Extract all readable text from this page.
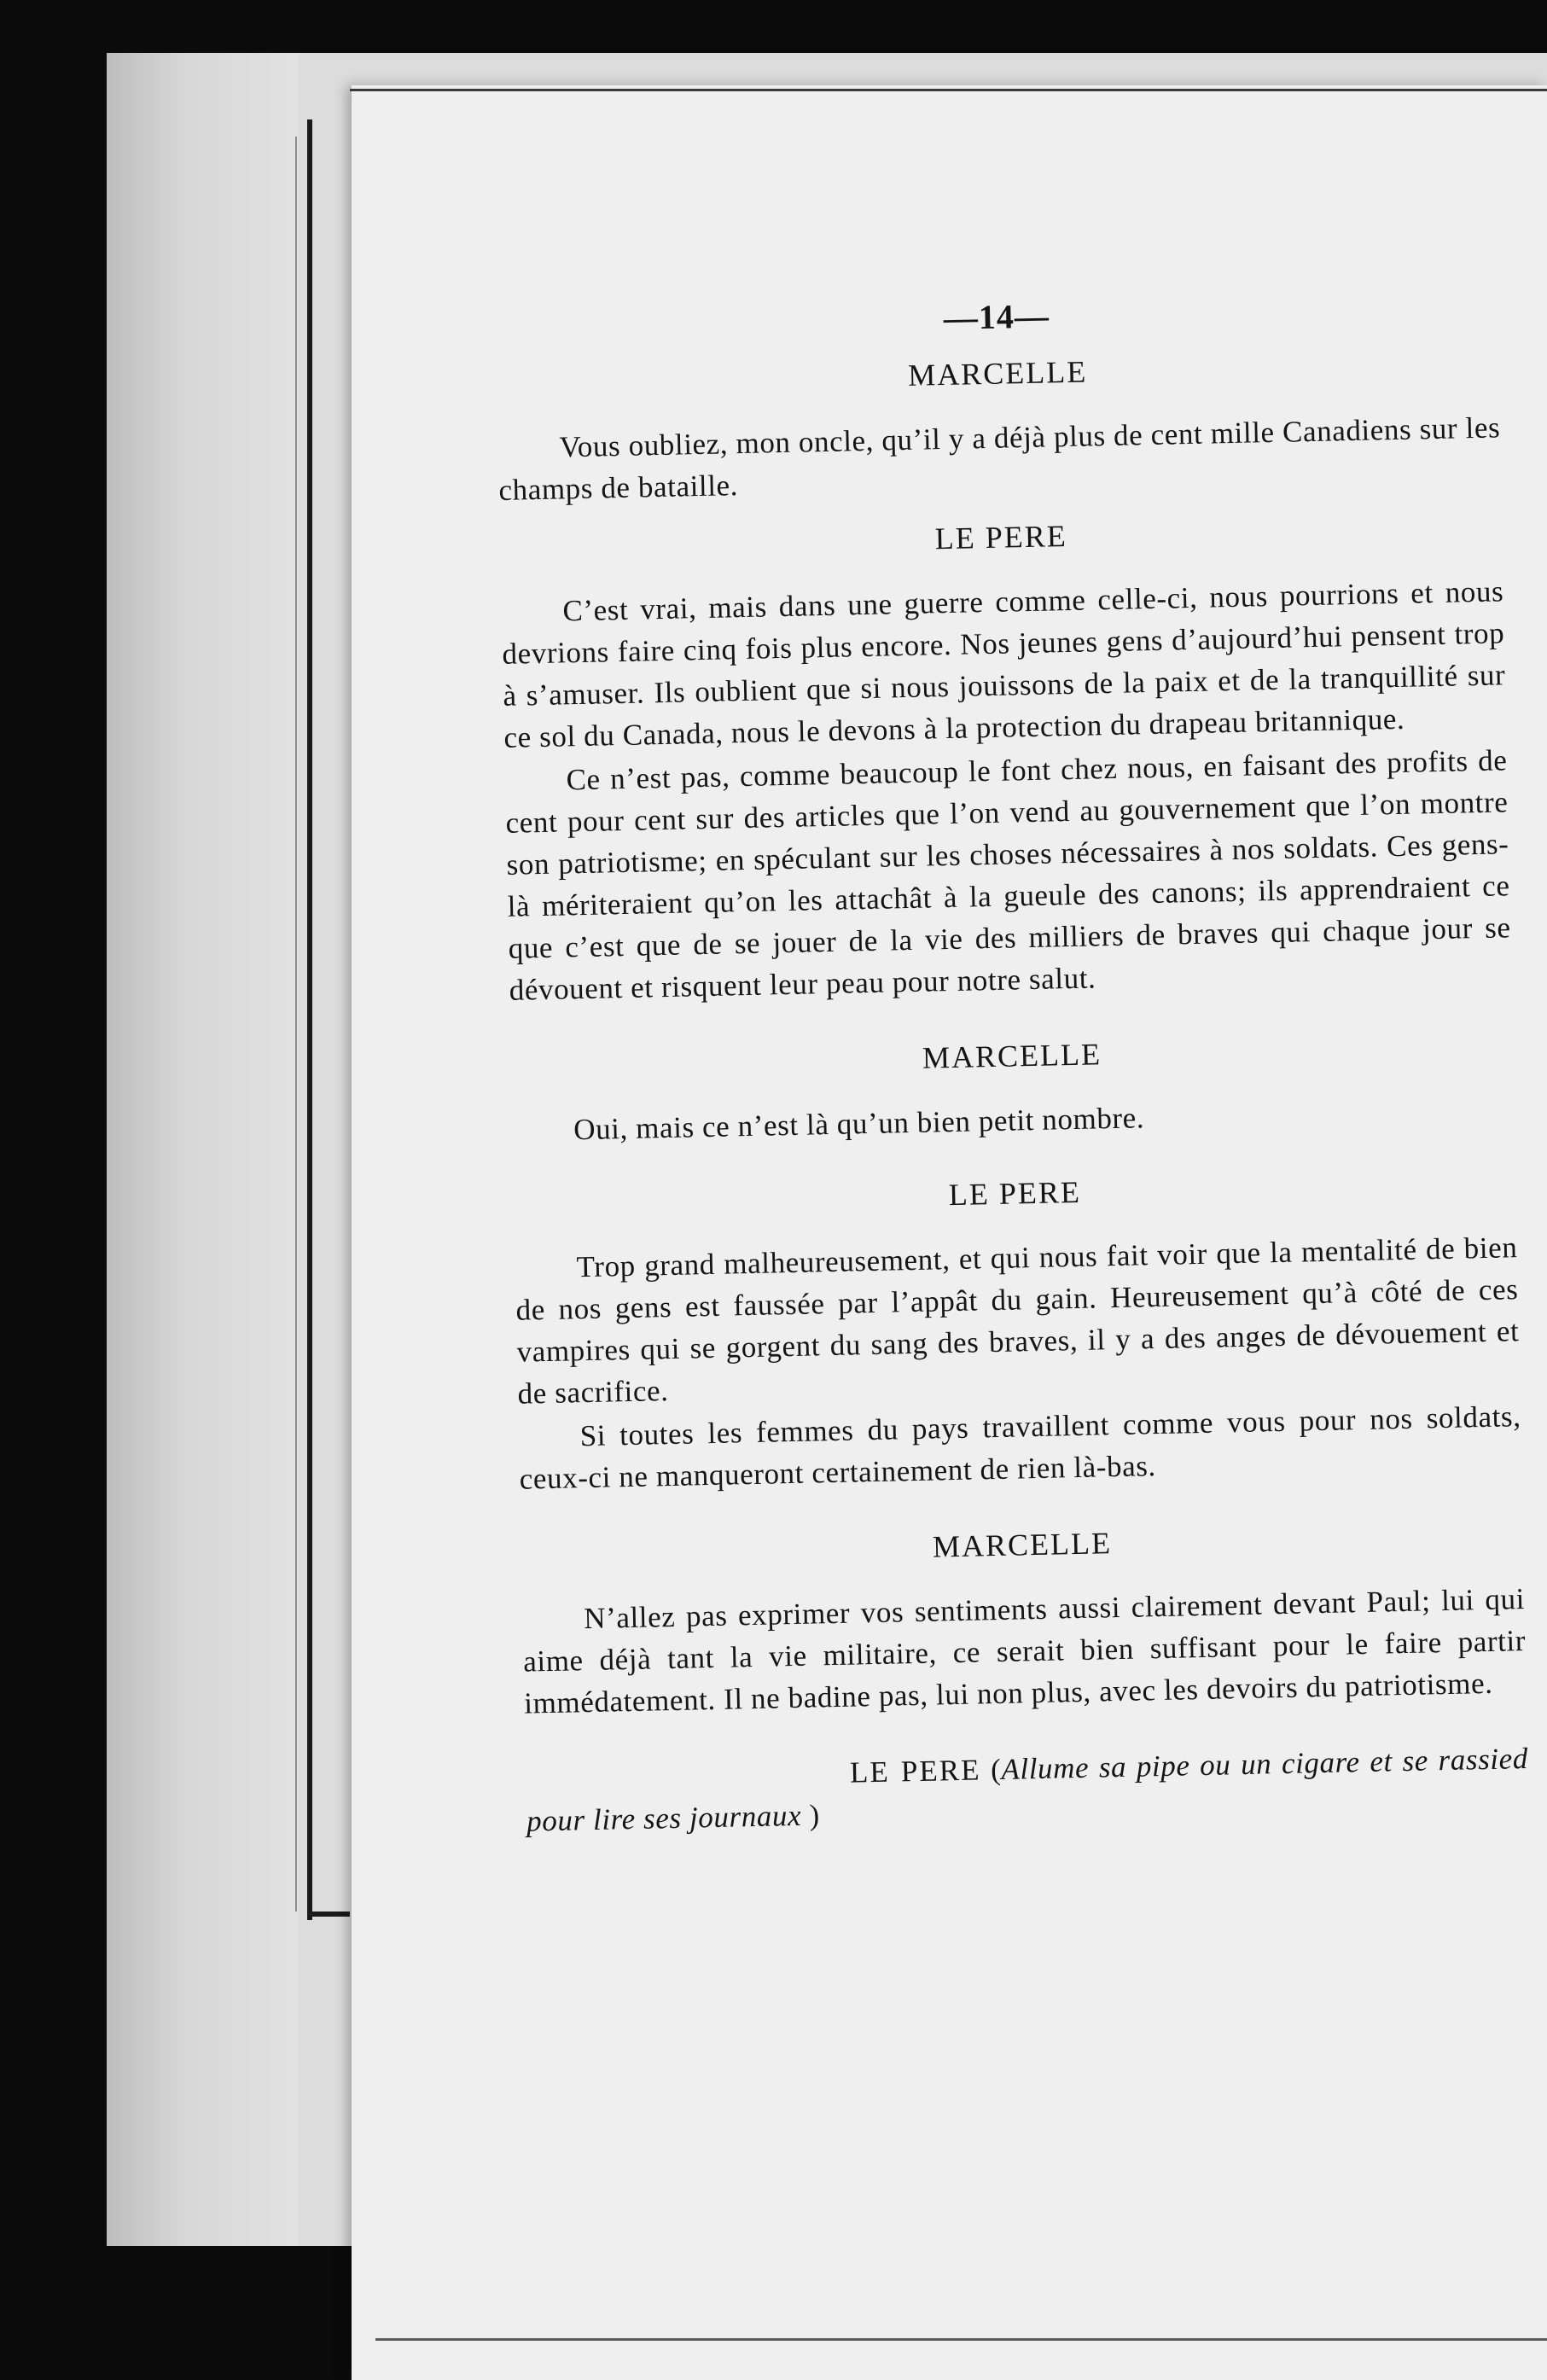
—14—
MARCELLE

Vous oubliez, mon oncle, qu’il y a déjà plus de cent mille Canadiens sur les champs de bataille.

LE PERE

C’est vrai, mais dans une guerre comme celle-ci, nous pourrions et nous devrions faire cinq fois plus encore. Nos jeunes gens d’aujourd’hui pensent trop à s’amuser. Ils oublient que si nous jouissons de la paix et de la tranquillité sur ce sol du Canada, nous le devons à la protection du drapeau britannique.

Ce n’est pas, comme beaucoup le font chez nous, en faisant des profits de cent pour cent sur des articles que l’on vend au gouvernement que l’on montre son patriotisme; en spéculant sur les choses nécessaires à nos soldats. Ces gens-là mériteraient qu’on les attachât à la gueule des canons; ils apprendraient ce que c’est que de se jouer de la vie des milliers de braves qui chaque jour se dévouent et risquent leur peau pour notre salut.

MARCELLE

Oui, mais ce n’est là qu’un bien petit nombre.

LE PERE

Trop grand malheureusement, et qui nous fait voir que la mentalité de bien de nos gens est faussée par l’appât du gain. Heureusement qu’à côté de ces vampires qui se gorgent du sang des braves, il y a des anges de dévouement et de sacrifice.

Si toutes les femmes du pays travaillent comme vous pour nos soldats, ceux-ci ne manqueront certainement de rien là-bas.

MARCELLE

N’allez pas exprimer vos sentiments aussi clairement devant Paul; lui qui aime déjà tant la vie militaire, ce serait bien suffisant pour le faire partir immédatement. Il ne badine pas, lui non plus, avec les devoirs du patriotisme.

LE PERE (Allume sa pipe ou un cigare et se rassied pour lire ses journaux )
